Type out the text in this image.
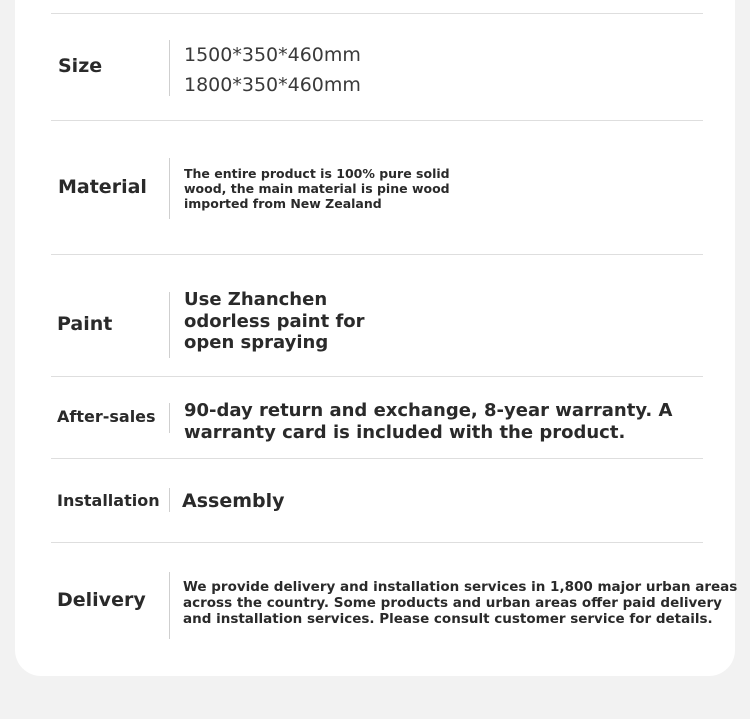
Size	1500*350*460mm
1800*350*460mm
Material
The entire product is 100% pure solid
wood, the main material is pine wood
imported from New Zealand
Paint
Use Zhanchen
odorless paint for
open spraying
After-sales 90-day return and exchange, 8-year warranty. A
warranty card is included with the product.
Installation Assembly
Delivery
We provide delivery and installation services in 1,800 major urban areas
across the country. Some products and urban areas offer paid delivery
and installation services. Please consult customer service for details.
